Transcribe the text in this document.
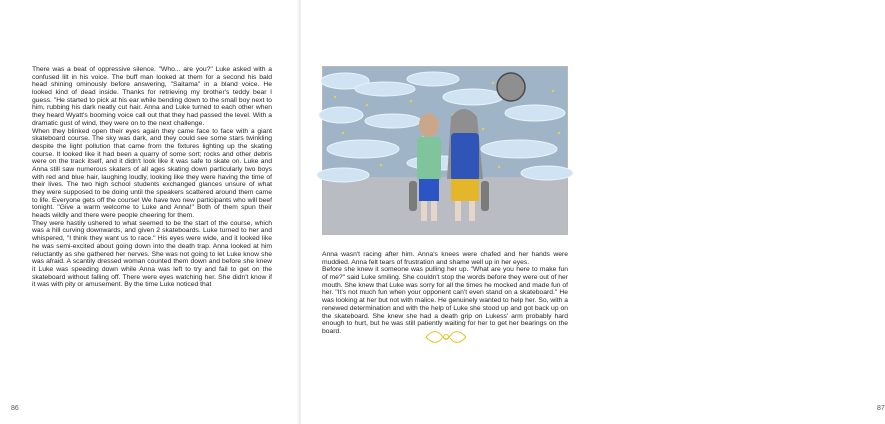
There was a beat of oppressive silence. "Who... are you?" Luke asked with a confused lilt in his voice. The buff man looked at them for a second his bald head shining ominously before answering, "Saitama" in a bland voice. He looked kind of dead inside. Thanks for retrieving my brother's teddy bear I guess. "He started to pick at his ear while bending down to the small boy next to him, rubbing his dark neatly cut hair. Anna and Luke turned to each other when they heard Wyatt's booming voice call out that they had passed the level. With a dramatic gust of wind, they were on to the next challenge.

When they blinked open their eyes again they came face to face with a giant skateboard course. The sky was dark, and they could see some stars twinkling despite the light pollution that came from the fixtures lighting up the skating course. It looked like it had been a quarry of some sort; rocks and other debris were on the track itself, and it didn't look like it was safe to skate on. Luke and Anna still saw numerous skaters of all ages skating down particularly two boys with red and blue hair, laughing loudly, looking like they were having the time of their lives. The two high school students exchanged glances unsure of what they were supposed to be doing until the speakers scattered around them came to life. Everyone gets off the course! We have two new participants who will beef tonight. "Give a warm welcome to Luke and Anna!" Both of them spun their heads wildly and there were people cheering for them.

They were hastily ushered to what seemed to be the start of the course, which was a hill curving downwards, and given 2 skateboards. Luke turned to her and whispered, "I think they want us to race." His eyes were wide, and it looked like he was semi-excited about going down into the death trap. Anna looked at him reluctantly as she gathered her nerves. She was not going to let Luke know she was afraid. A scantily dressed woman counted them down and before she knew it Luke was speeding down while Anna was left to try and fail to get on the skateboard without falling off. There were eyes watching her. She didn't know if it was with pity or amusement. By the time Luke noticed that

86	87

Anna wasn't racing after him. Anna's knees were chafed and her hands were muddied. Anna felt tears of frustration and shame well up in her eyes.

Before she knew it someone was pulling her up. "What are you here to make fun of me?" said Luke smiling. She couldn't stop the words before they were out of her mouth. She knew that Luke was sorry for all the times he mocked and made fun of her. "It's not much fun when your opponent can't even stand on a skateboard." He was looking at her but not with malice. He genuinely wanted to help her. So, with a renewed determination and with the help of Luke she stood up and got back up on the skateboard. She knew she had a death grip on Lukess' arm probably hard enough to hurt, but he was still patiently waiting for her to get her bearings on the board.
